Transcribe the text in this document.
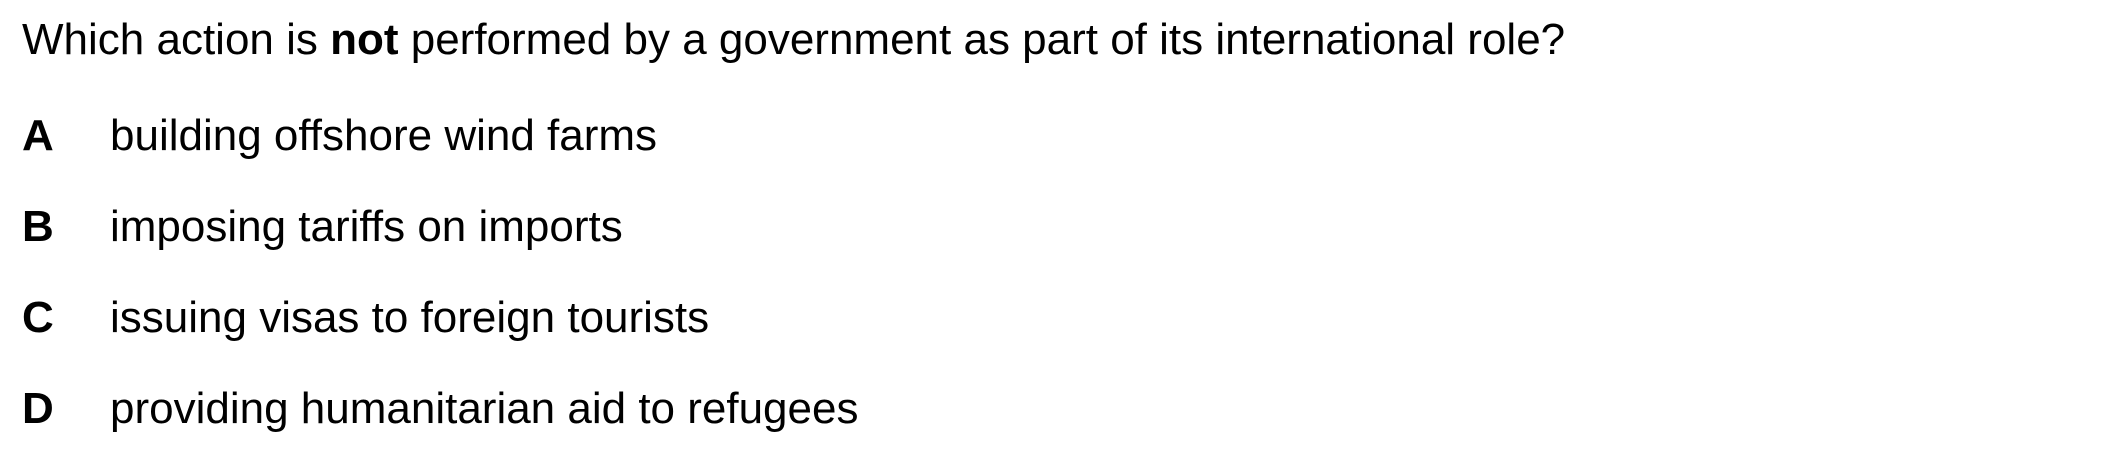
Which action is not performed by a government as part of its international role?
A	building offshore wind farms
B	imposing tariffs on imports
C	issuing visas to foreign tourists
D	providing humanitarian aid to refugees
